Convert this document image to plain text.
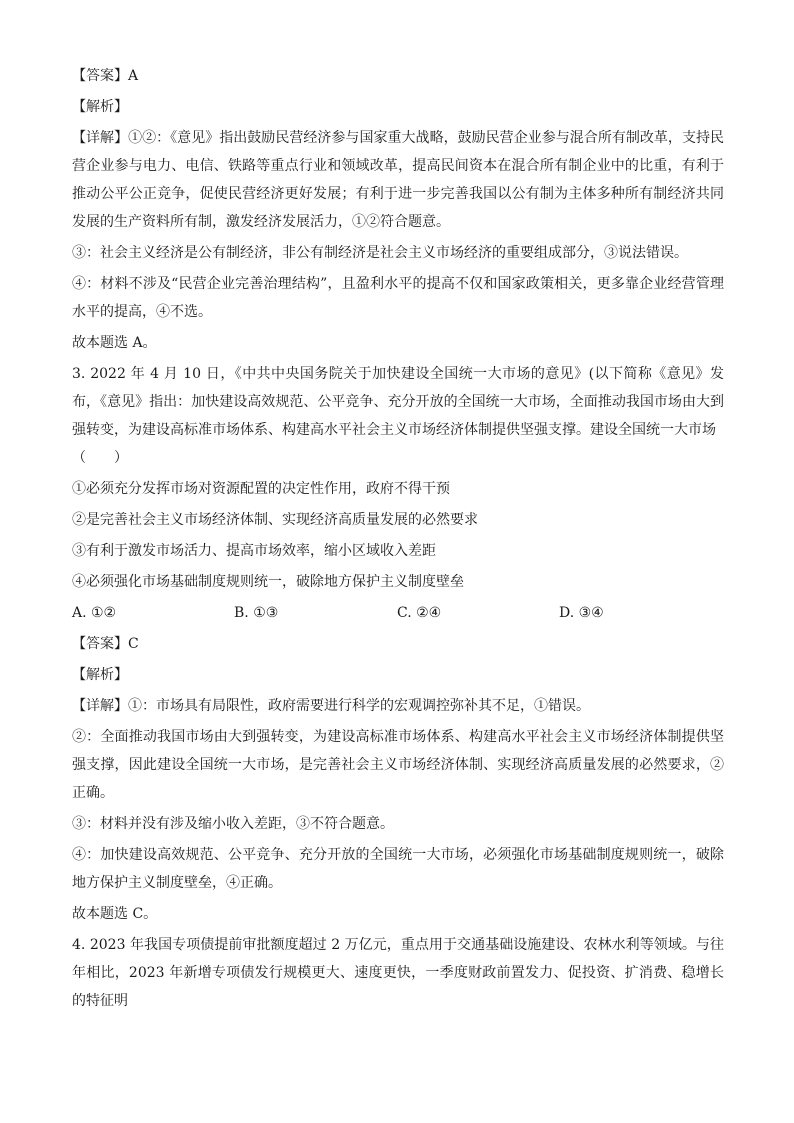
【答案】A
【解析】
【详解】①②：《意见》指出鼓励民营经济参与国家重大战略，鼓励民营企业参与混合所有制改革，支持民营企业参与电力、电信、铁路等重点行业和领域改革，提高民间资本在混合所有制企业中的比重，有利于推动公平公正竞争，促使民营经济更好发展；有利于进一步完善我国以公有制为主体多种所有制经济共同发展的生产资料所有制，激发经济发展活力，①②符合题意。
③：社会主义经济是公有制经济，非公有制经济是社会主义市场经济的重要组成部分，③说法错误。
④：材料不涉及“民营企业完善治理结构”，且盈利水平的提高不仅和国家政策相关，更多靠企业经营管理水平的提高，④不选。
故本题选 A。
3. 2022 年 4 月 10 日，《中共中央国务院关于加快建设全国统一大市场的意见》(以下简称《意见》发布，《意见》指出：加快建设高效规范、公平竞争、充分开放的全国统一大市场，全面推动我国市场由大到强转变，为建设高标准市场体系、构建高水平社会主义市场经济体制提供坚强支撑。建设全国统一大市场
（　　）
①必须充分发挥市场对资源配置的决定性作用，政府不得干预
②是完善社会主义市场经济体制、实现经济高质量发展的必然要求
③有利于激发市场活力、提高市场效率，缩小区域收入差距
④必须强化市场基础制度规则统一，破除地方保护主义制度壁垒
A. ①②	B. ①③	C. ②④	D. ③④
【答案】C
【解析】
【详解】①：市场具有局限性，政府需要进行科学的宏观调控弥补其不足，①错误。
②：全面推动我国市场由大到强转变，为建设高标准市场体系、构建高水平社会主义市场经济体制提供坚强支撑，因此建设全国统一大市场，是完善社会主义市场经济体制、实现经济高质量发展的必然要求，②正确。
③：材料并没有涉及缩小收入差距，③不符合题意。
④：加快建设高效规范、公平竞争、充分开放的全国统一大市场，必须强化市场基础制度规则统一，破除地方保护主义制度壁垒，④正确。
故本题选 C。
4. 2023 年我国专项债提前审批额度超过 2 万亿元，重点用于交通基础设施建设、农林水利等领域。与往年相比，2023 年新增专项债发行规模更大、速度更快，一季度财政前置发力、促投资、扩消费、稳增长的特征明
